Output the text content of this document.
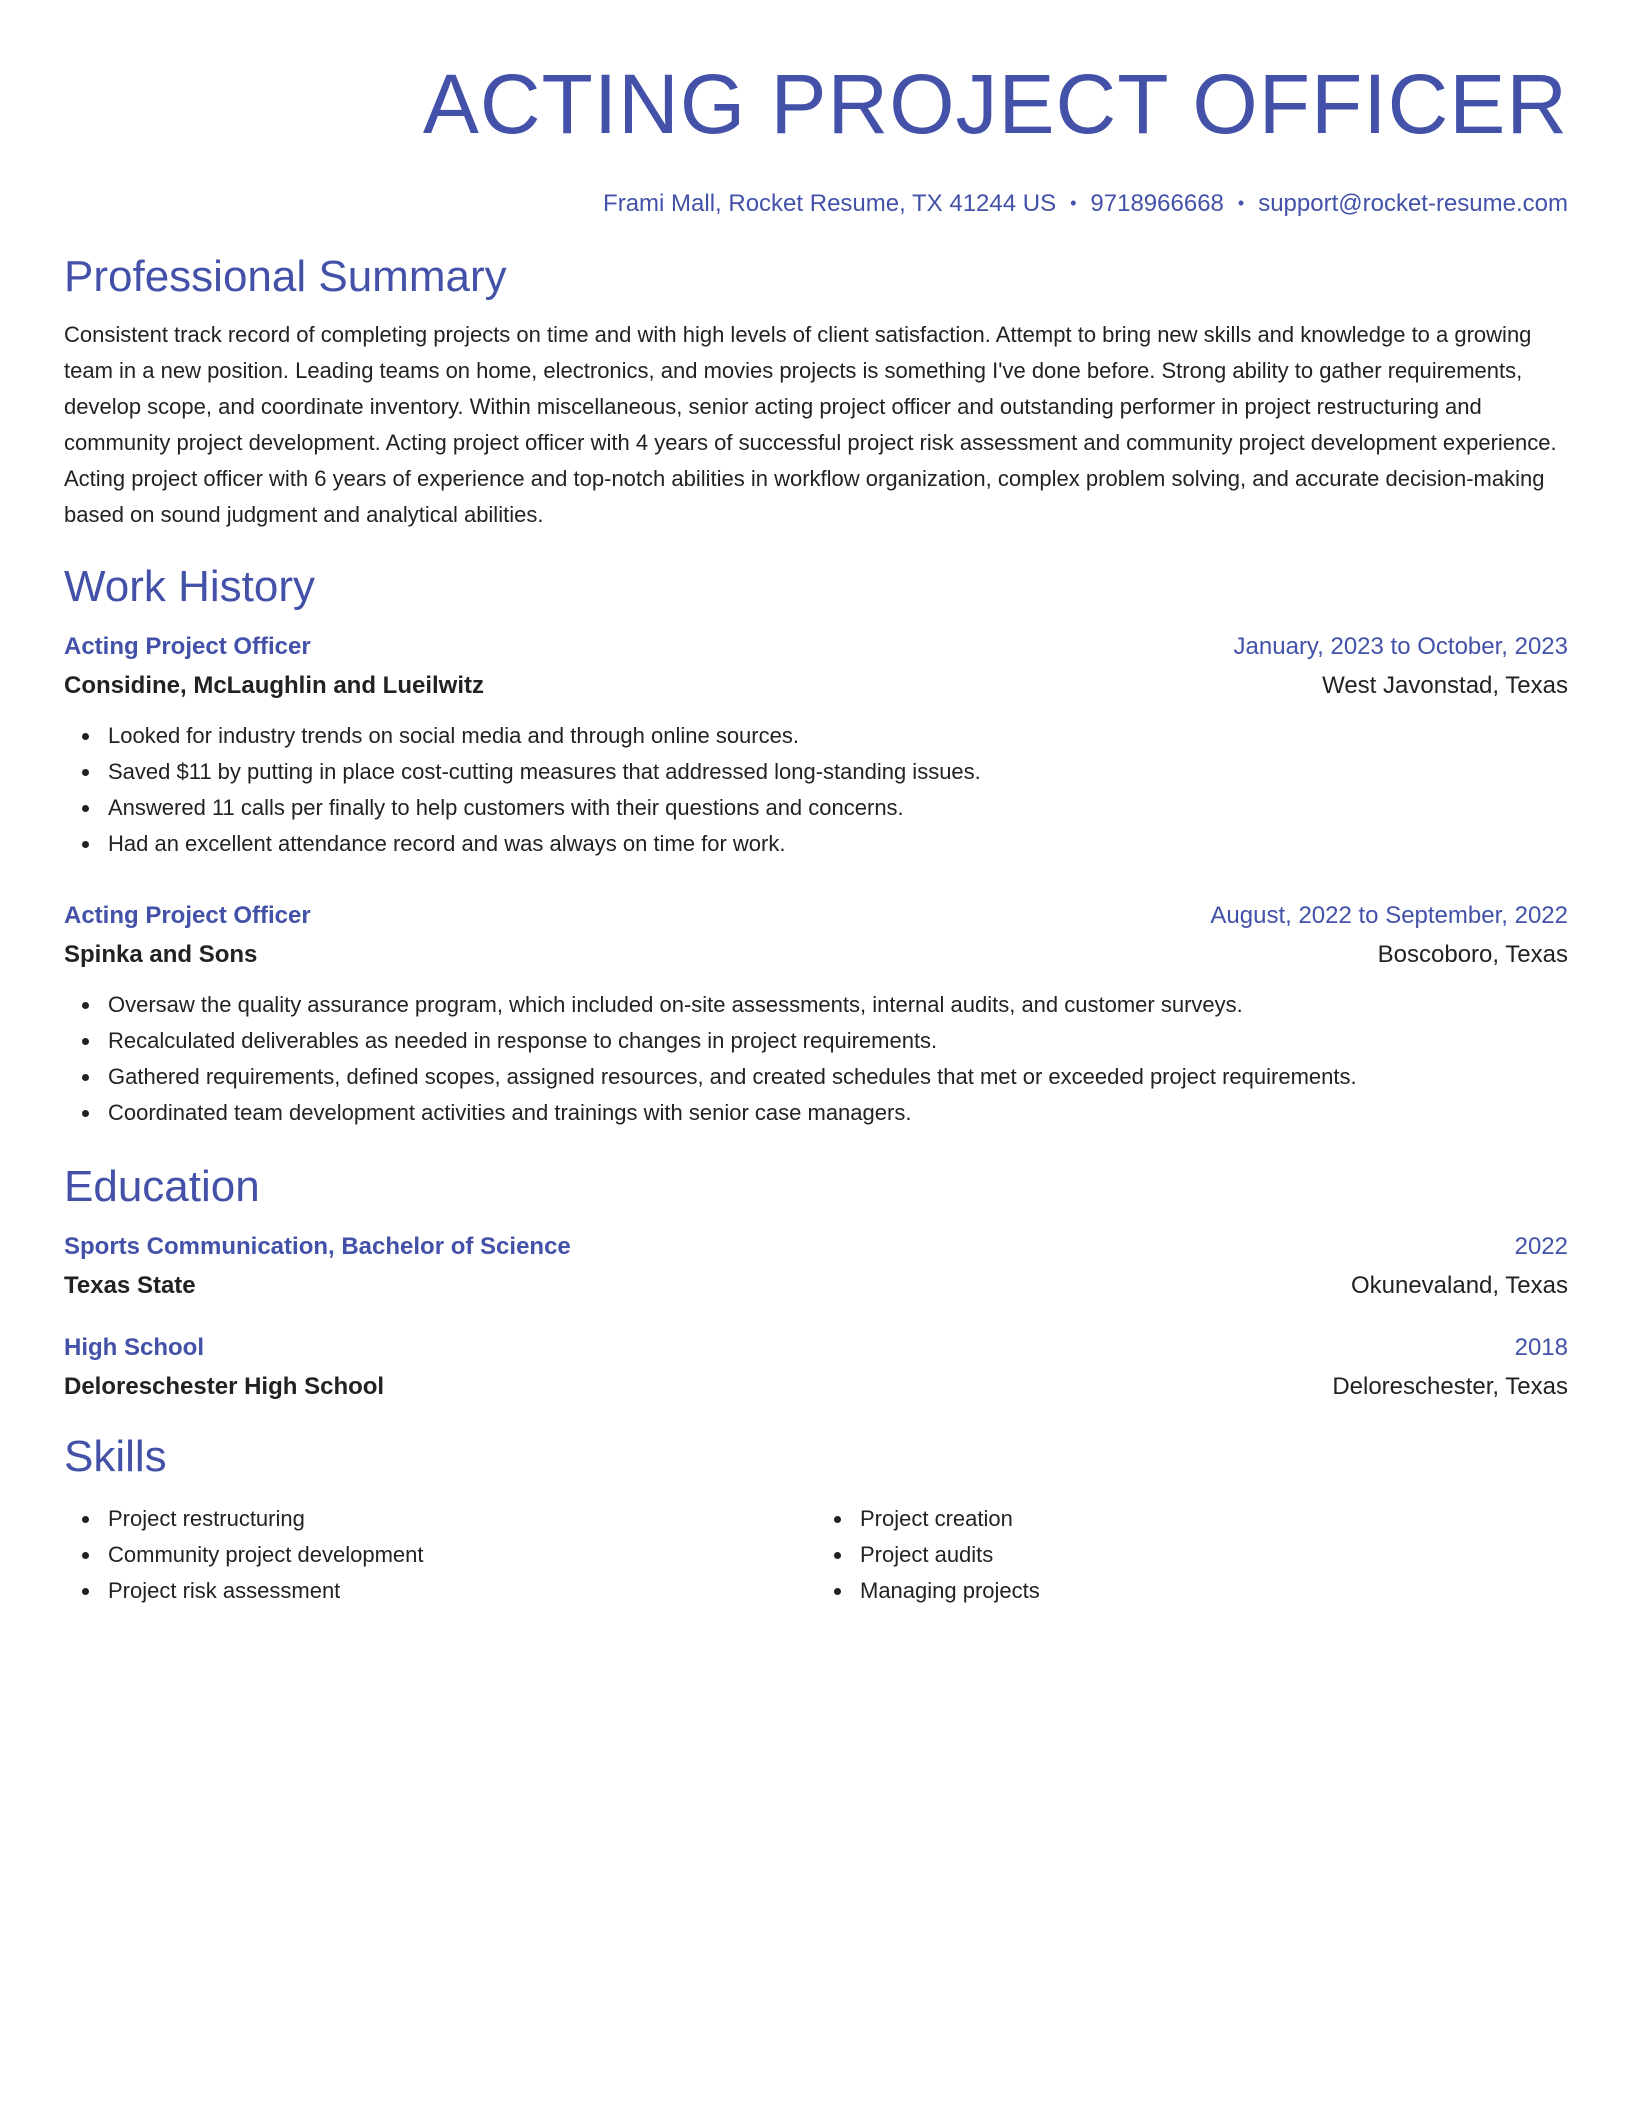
ACTING PROJECT OFFICER
Frami Mall, Rocket Resume, TX 41244 US • 9718966668 • support@rocket-resume.com
Professional Summary

Consistent track record of completing projects on time and with high levels of client satisfaction. Attempt to bring new skills and knowledge to a growing team in a new position. Leading teams on home, electronics, and movies projects is something I've done before. Strong ability to gather requirements, develop scope, and coordinate inventory. Within miscellaneous, senior acting project officer and outstanding performer in project restructuring and community project development. Acting project officer with 4 years of successful project risk assessment and community project development experience. Acting project officer with 6 years of experience and top-notch abilities in workflow organization, complex problem solving, and accurate decision-making based on sound judgment and analytical abilities.

Work History
Acting Project Officer	January, 2023 to October, 2023
Considine, McLaughlin and Lueilwitz	West Javonstad, Texas
Looked for industry trends on social media and through online sources.
Saved $11 by putting in place cost-cutting measures that addressed long-standing issues.
Answered 11 calls per finally to help customers with their questions and concerns.
Had an excellent attendance record and was always on time for work.
Acting Project Officer	August, 2022 to September, 2022
Spinka and Sons	Boscoboro, Texas
Oversaw the quality assurance program, which included on-site assessments, internal audits, and customer surveys.
Recalculated deliverables as needed in response to changes in project requirements.
Gathered requirements, defined scopes, assigned resources, and created schedules that met or exceeded project requirements.
Coordinated team development activities and trainings with senior case managers.
Education
Sports Communication, Bachelor of Science	2022
Texas State	Okunevaland, Texas
High School	2018
Deloreschester High School	Deloreschester, Texas
Skills
Project restructuring
Community project development
Project risk assessment
Project creation
Project audits
Managing projects
